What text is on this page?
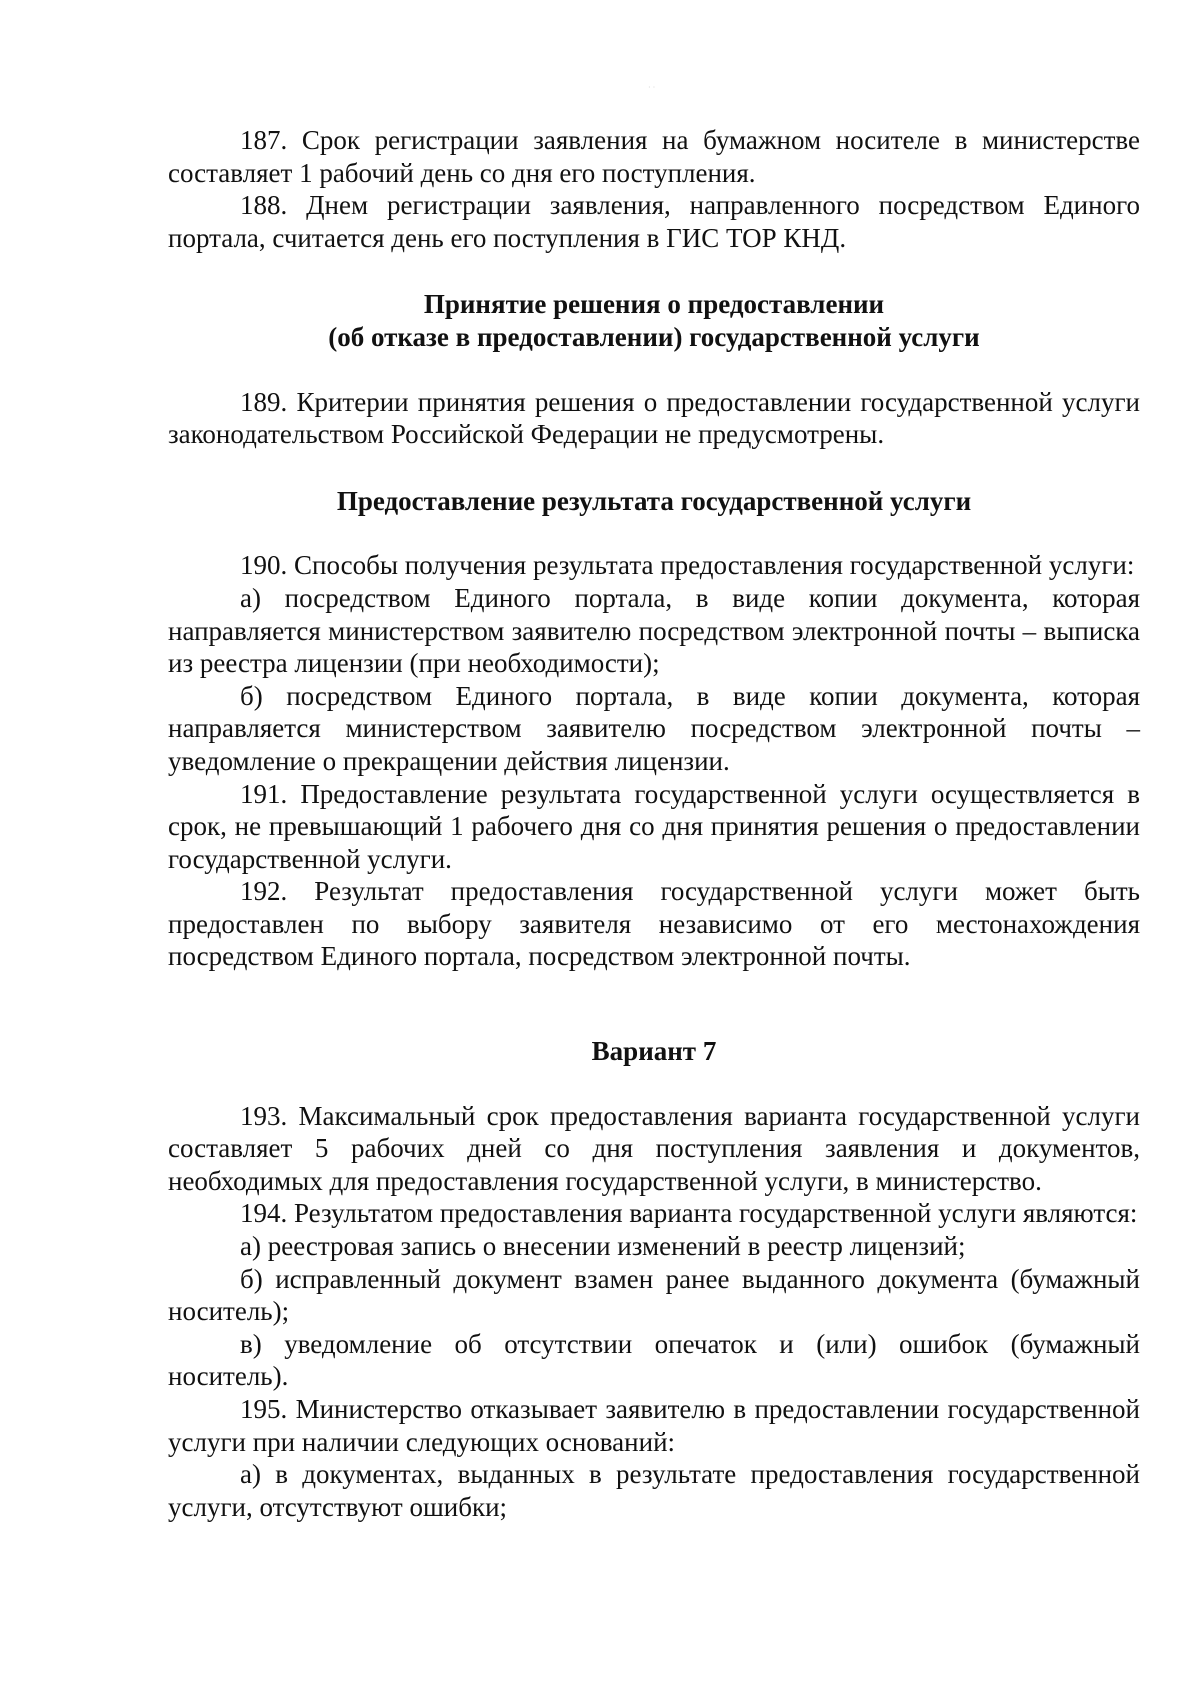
· ·

187. Срок регистрации заявления на бумажном носителе в министерстве составляет 1 рабочий день со дня его поступления.

188. Днем регистрации заявления, направленного посредством Единого портала, считается день его поступления в ГИС ТОР КНД.

Принятие решения о предоставлении

(об отказе в предоставлении) государственной услуги

189. Критерии принятия решения о предоставлении государственной услуги законодательством Российской Федерации не предусмотрены.

Предоставление результата государственной услуги

190. Способы получения результата предоставления государственной услуги:

а) посредством Единого портала, в виде копии документа, которая направляется министерством заявителю посредством электронной почты – выписка из реестра лицензии (при необходимости);

б) посредством Единого портала, в виде копии документа, которая направляется министерством заявителю посредством электронной почты – уведомление о прекращении действия лицензии.

191. Предоставление результата государственной услуги осуществляется в срок, не превышающий 1 рабочего дня со дня принятия решения о предоставлении государственной услуги.

192. Результат предоставления государственной услуги может быть предоставлен по выбору заявителя независимо от его местонахождения посредством Единого портала, посредством электронной почты.

Вариант 7

193. Максимальный срок предоставления варианта государственной услуги составляет 5 рабочих дней со дня поступления заявления и документов, необходимых для предоставления государственной услуги, в министерство.

194. Результатом предоставления варианта государственной услуги являются:

а) реестровая запись о внесении изменений в реестр лицензий;

б) исправленный документ взамен ранее выданного документа (бумажный носитель);

в) уведомление об отсутствии опечаток и (или) ошибок (бумажный носитель).

195. Министерство отказывает заявителю в предоставлении государственной услуги при наличии следующих оснований:

а) в документах, выданных в результате предоставления государственной услуги, отсутствуют ошибки;
